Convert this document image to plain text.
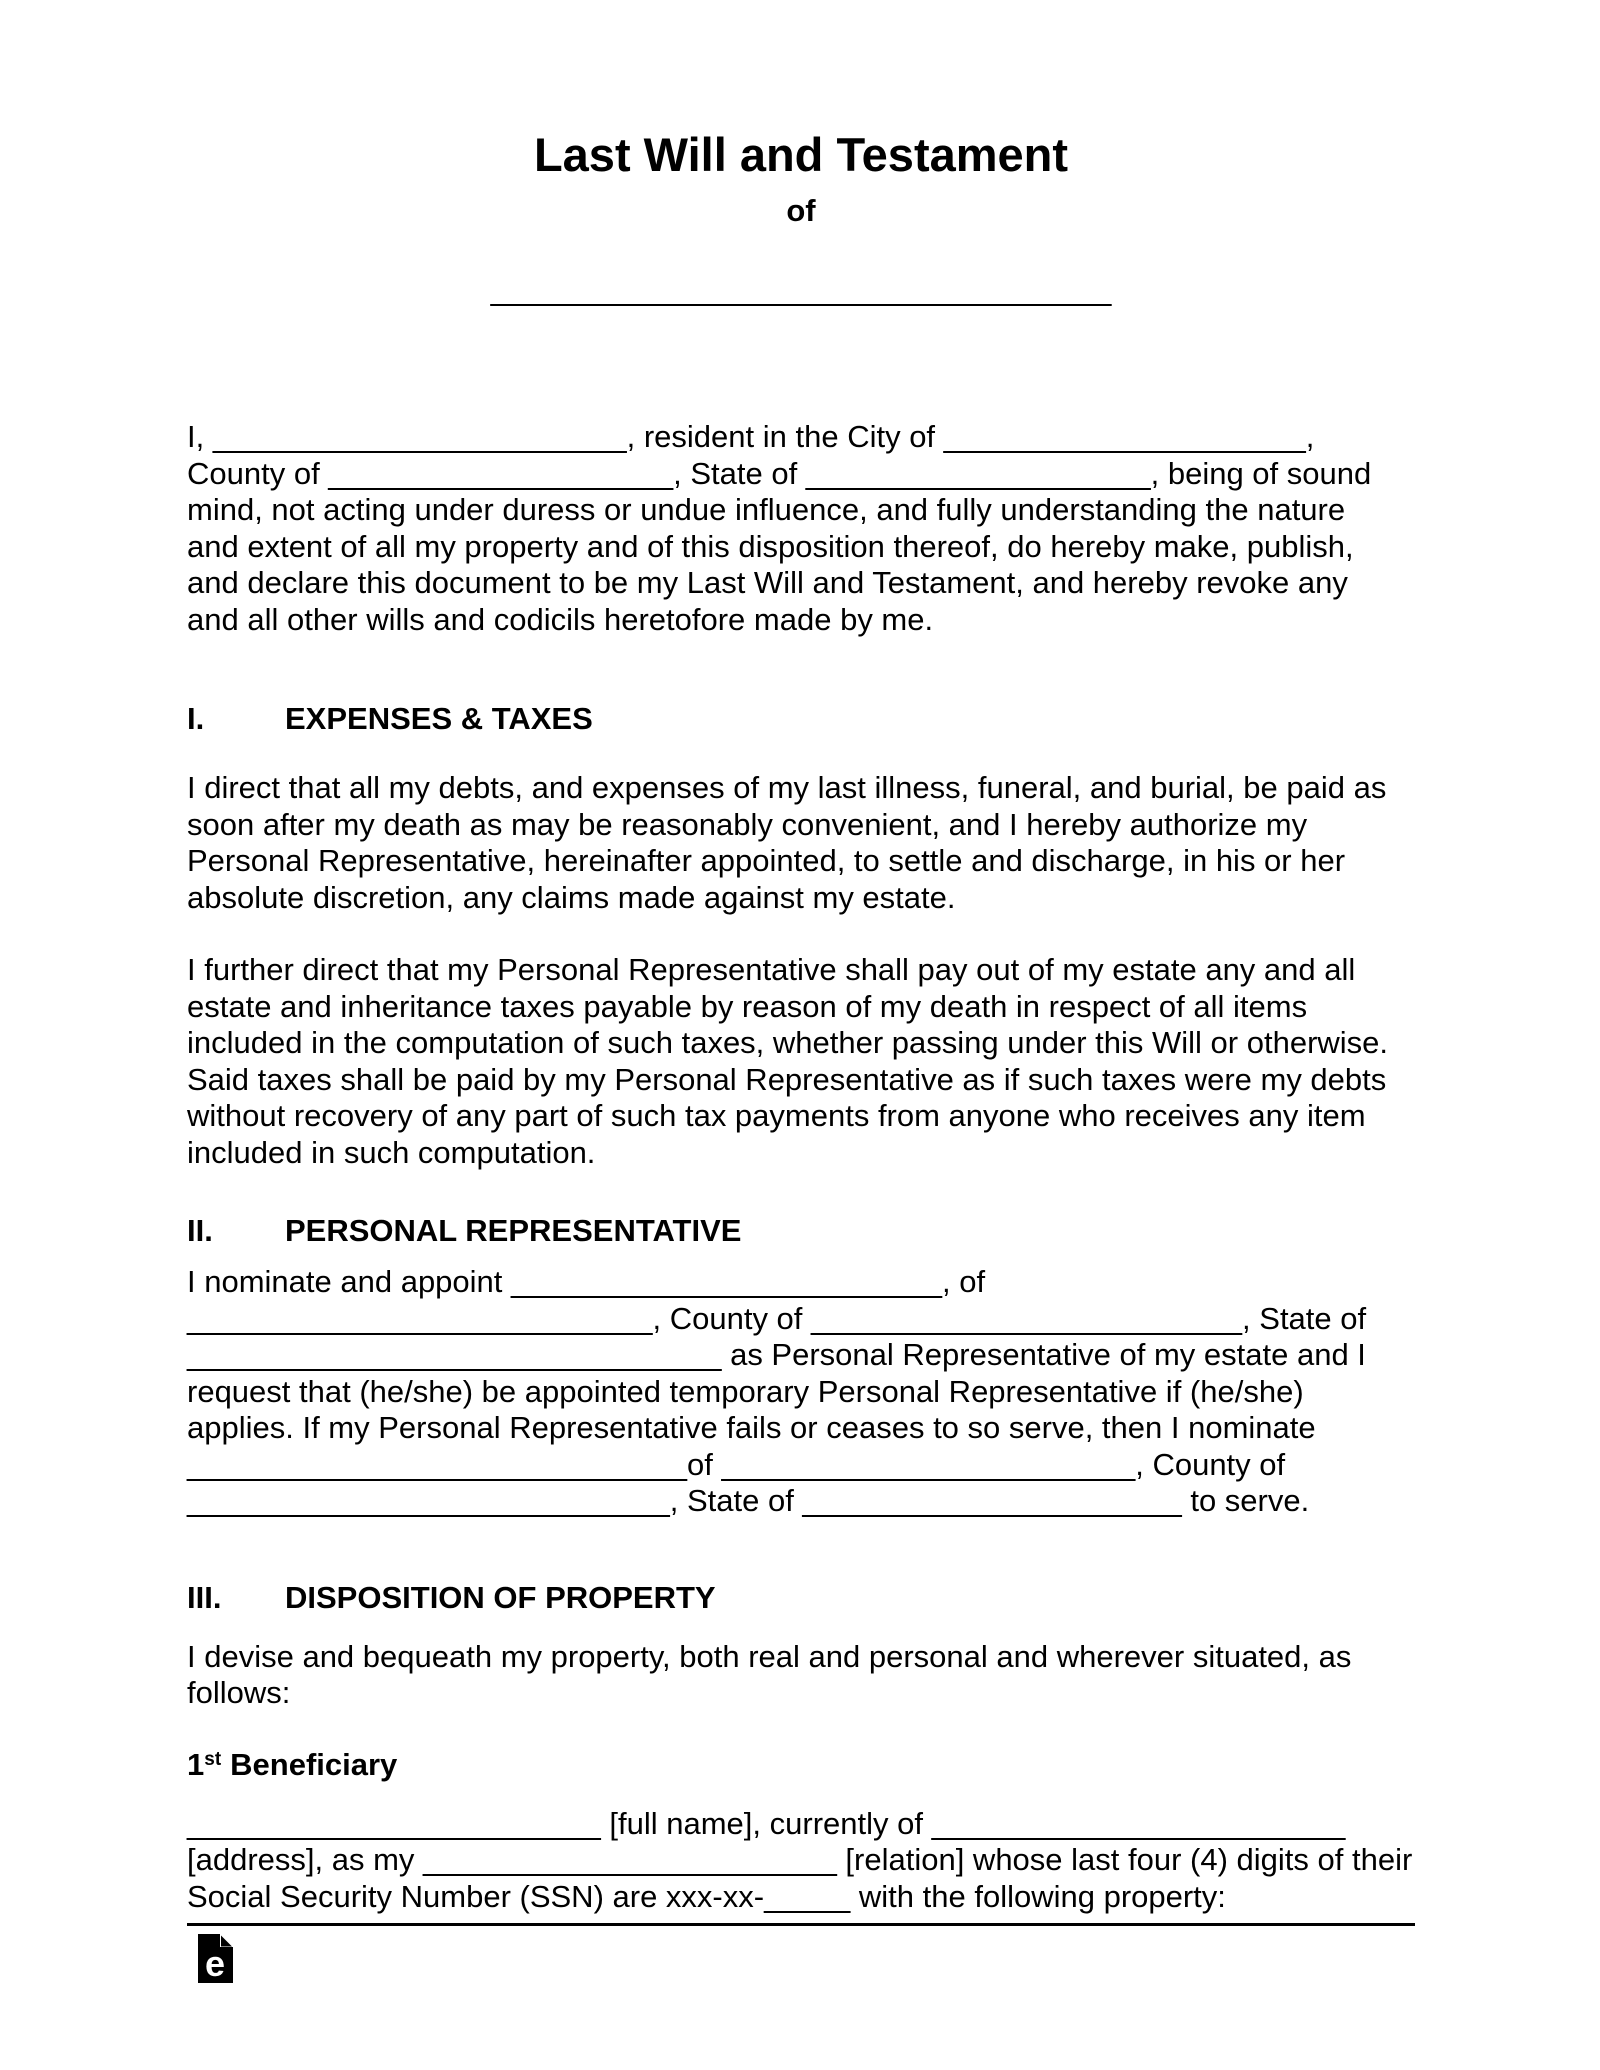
Last Will and Testament
of
____________________________________
I, ________________________, resident in the City of _____________________,
County of ____________________, State of ____________________, being of sound
mind, not acting under duress or undue influence, and fully understanding the nature
and extent of all my property and of this disposition thereof, do hereby make, publish,
and declare this document to be my Last Will and Testament, and hereby revoke any
and all other wills and codicils heretofore made by me.
I.	EXPENSES & TAXES
I direct that all my debts, and expenses of my last illness, funeral, and burial, be paid as
soon after my death as may be reasonably convenient, and I hereby authorize my
Personal Representative, hereinafter appointed, to settle and discharge, in his or her
absolute discretion, any claims made against my estate.
I further direct that my Personal Representative shall pay out of my estate any and all
estate and inheritance taxes payable by reason of my death in respect of all items
included in the computation of such taxes, whether passing under this Will or otherwise.
Said taxes shall be paid by my Personal Representative as if such taxes were my debts
without recovery of any part of such tax payments from anyone who receives any item
included in such computation.
II. PERSONAL REPRESENTATIVE
I nominate and appoint _________________________, of
___________________________, County of _________________________, State of
_______________________________ as Personal Representative of my estate and I
request that (he/she) be appointed temporary Personal Representative if (he/she)
applies. If my Personal Representative fails or ceases to so serve, then I nominate
_____________________________of ________________________, County of
____________________________, State of ______________________ to serve.
III. DISPOSITION OF PROPERTY
I devise and bequeath my property, both real and personal and wherever situated, as
follows:
1st Beneficiary
________________________ [full name], currently of ________________________
[address], as my ________________________ [relation] whose last four (4) digits of their
Social Security Number (SSN) are xxx-xx-_____ with the following property:
e
